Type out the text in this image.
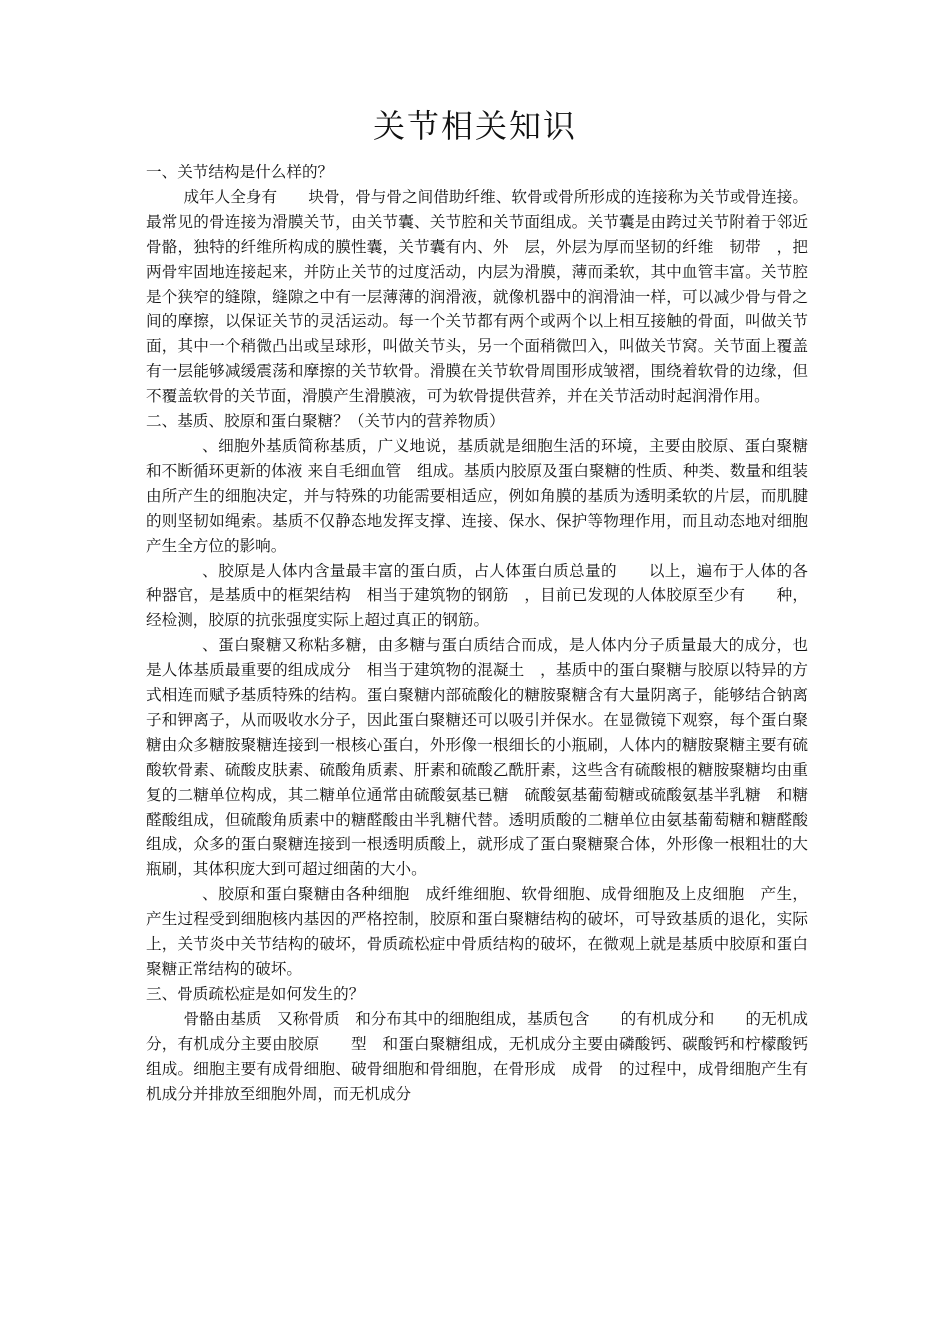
关节相关知识

一、关节结构是什么样的？

成年人全身有　　块骨，骨与骨之间借助纤维、软骨或骨所形成的连接称为关节或骨连接。最常见的骨连接为滑膜关节，由关节囊、关节腔和关节面组成。关节囊是由跨过关节附着于邻近骨骼，独特的纤维所构成的膜性囊，关节囊有内、外　层，外层为厚而坚韧的纤维　韧带　，把两骨牢固地连接起来，并防止关节的过度活动，内层为滑膜，薄而柔软，其中血管丰富。关节腔是个狭窄的缝隙，缝隙之中有一层薄薄的润滑液，就像机器中的润滑油一样，可以减少骨与骨之间的摩擦，以保证关节的灵活运动。每一个关节都有两个或两个以上相互接触的骨面，叫做关节面，其中一个稍微凸出或呈球形，叫做关节头，另一个面稍微凹入，叫做关节窝。关节面上覆盖有一层能够减缓震荡和摩擦的关节软骨。滑膜在关节软骨周围形成皱褶，围绕着软骨的边缘，但不覆盖软骨的关节面，滑膜产生滑膜液，可为软骨提供营养，并在关节活动时起润滑作用。

二、基质、胶原和蛋白聚糖？（关节内的营养物质）

、细胞外基质简称基质，广义地说，基质就是细胞生活的环境，主要由胶原、蛋白聚糖和不断循环更新的体液 来自毛细血管　组成。基质内胶原及蛋白聚糖的性质、种类、数量和组装由所产生的细胞决定，并与特殊的功能需要相适应，例如角膜的基质为透明柔软的片层，而肌腱的则坚韧如绳索。基质不仅静态地发挥支撑、连接、保水、保护等物理作用，而且动态地对细胞产生全方位的影响。

、胶原是人体内含量最丰富的蛋白质，占人体蛋白质总量的　　以上，遍布于人体的各种器官，是基质中的框架结构　相当于建筑物的钢筋　，目前已发现的人体胶原至少有　　种，经检测，胶原的抗张强度实际上超过真正的钢筋。

、蛋白聚糖又称粘多糖，由多糖与蛋白质结合而成，是人体内分子质量最大的成分，也是人体基质最重要的组成成分　相当于建筑物的混凝土　，基质中的蛋白聚糖与胶原以特异的方式相连而赋予基质特殊的结构。蛋白聚糖内部硫酸化的糖胺聚糖含有大量阴离子，能够结合钠离子和钾离子，从而吸收水分子，因此蛋白聚糖还可以吸引并保水。在显微镜下观察，每个蛋白聚糖由众多糖胺聚糖连接到一根核心蛋白，外形像一根细长的小瓶刷，人体内的糖胺聚糖主要有硫酸软骨素、硫酸皮肤素、硫酸角质素、肝素和硫酸乙酰肝素，这些含有硫酸根的糖胺聚糖均由重复的二糖单位构成，其二糖单位通常由硫酸氨基已糖　硫酸氨基葡萄糖或硫酸氨基半乳糖　和糖醛酸组成，但硫酸角质素中的糖醛酸由半乳糖代替。透明质酸的二糖单位由氨基葡萄糖和糖醛酸组成，众多的蛋白聚糖连接到一根透明质酸上，就形成了蛋白聚糖聚合体，外形像一根粗壮的大瓶刷，其体积庞大到可超过细菌的大小。

、胶原和蛋白聚糖由各种细胞　成纤维细胞、软骨细胞、成骨细胞及上皮细胞　产生，产生过程受到细胞核内基因的严格控制，胶原和蛋白聚糖结构的破坏，可导致基质的退化，实际上，关节炎中关节结构的破坏，骨质疏松症中骨质结构的破坏，在微观上就是基质中胶原和蛋白聚糖正常结构的破坏。

三、骨质疏松症是如何发生的？

骨骼由基质　又称骨质　和分布其中的细胞组成，基质包含　　的有机成分和　　的无机成分，有机成分主要由胶原　　型　和蛋白聚糖组成，无机成分主要由磷酸钙、碳酸钙和柠檬酸钙组成。细胞主要有成骨细胞、破骨细胞和骨细胞，在骨形成　成骨　的过程中，成骨细胞产生有机成分并排放至细胞外周，而无机成分
